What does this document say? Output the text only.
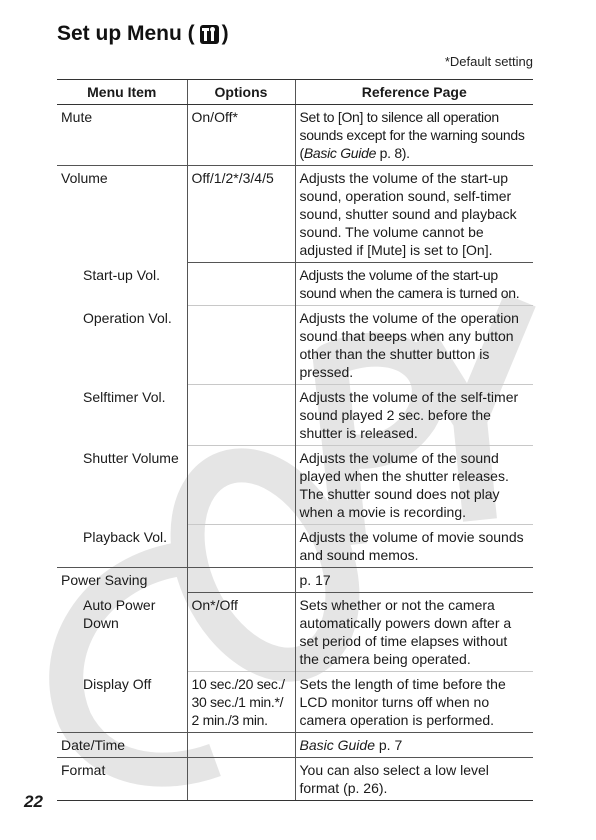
Set up Menu ( )
*Default setting
Menu Item	Options	Reference Page
Mute	On/Off*	Set to [On] to silence all operation sounds except for the warning sounds (Basic Guide p. 8).
Volume	Off/1/2*/3/4/5	Adjusts the volume of the start-up sound, operation sound, self-timer sound, shutter sound and playback sound. The volume cannot be adjusted if [Mute] is set to [On].
Start-up Vol.		Adjusts the volume of the start-up sound when the camera is turned on.
Operation Vol.		Adjusts the volume of the operation sound that beeps when any button other than the shutter button is pressed.
Selftimer Vol.		Adjusts the volume of the self-timer sound played 2 sec. before the shutter is released.
Shutter Volume		Adjusts the volume of the sound played when the shutter releases. The shutter sound does not play when a movie is recording.
Playback Vol.		Adjusts the volume of movie sounds and sound memos.
Power Saving		p. 17
Auto Power Down	On*/Off	Sets whether or not the camera automatically powers down after a set period of time elapses without the camera being operated.
Display Off	10 sec./20 sec./ 30 sec./1 min.*/ 2 min./3 min.	Sets the length of time before the LCD monitor turns off when no camera operation is performed.
Date/Time		Basic Guide p. 7
Format		You can also select a low level format (p. 26).
22
